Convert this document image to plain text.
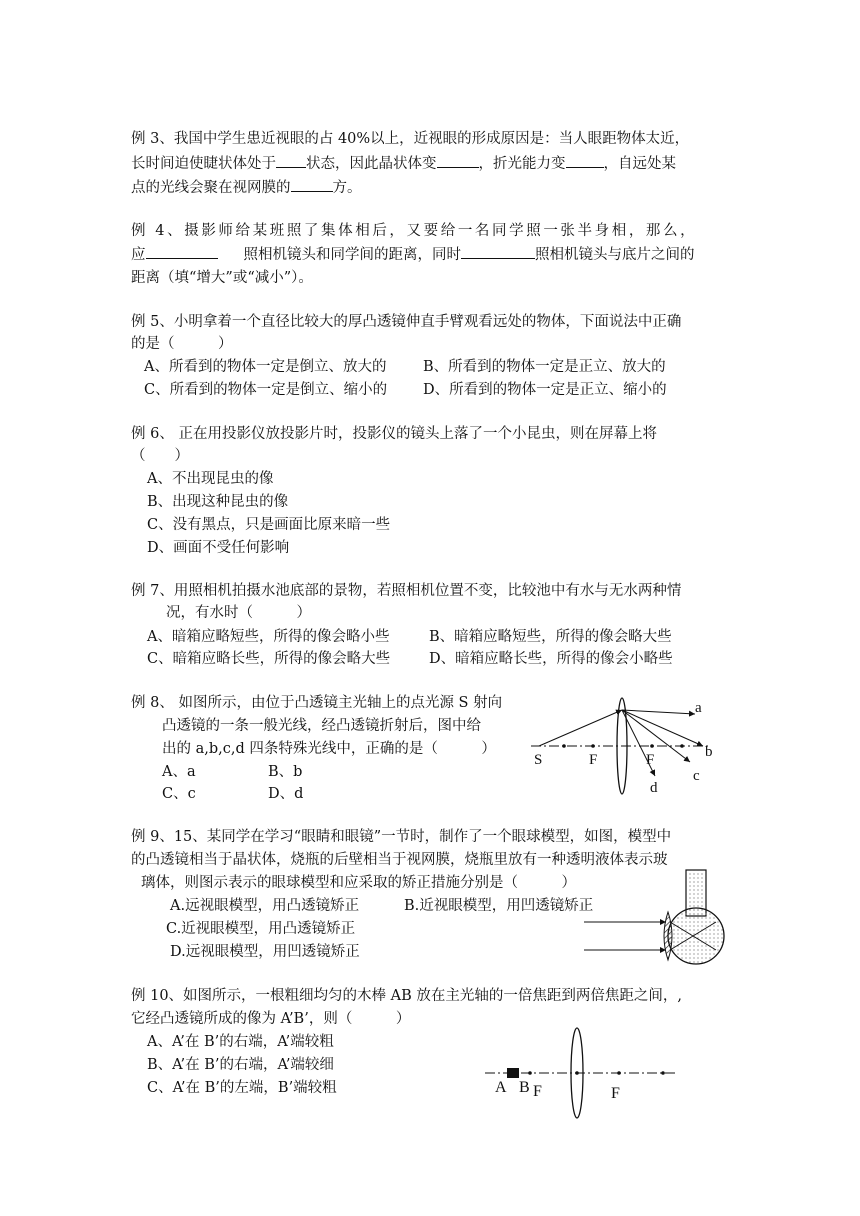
例 3、我国中学生患近视眼的占 40%以上，近视眼的形成原因是：当人眼距物体太近，
长时间迫使睫状体处于 状态，因此晶状体变	，折光能力变	，自远处某
点的光线会聚在视网膜的	方。
例 4、摄影师给某班照了集体相后，又要给一名同学照一张半身相，那么，
应	照相机镜头和同学间的距离，同时	照相机镜头与底片之间的
距离（填“增大”或“减小”）。
例 5、小明拿着一个直径比较大的厚凸透镜伸直手臂观看远处的物体，下面说法中正确
的是（　　　）
A、所看到的物体一定是倒立、放大的	B、所看到的物体一定是正立、放大的
C、所看到的物体一定是倒立、缩小的 D、所看到的物体一定是正立、缩小的
例 6、 正在用投影仪放投影片时，投影仪的镜头上落了一个小昆虫，则在屏幕上将
（　　）
A、不出现昆虫的像
B、出现这种昆虫的像
C、没有黑点，只是画面比原来暗一些
D、画面不受任何影响
例 7、用照相机拍摄水池底部的景物，若照相机位置不变，比较池中有水与无水两种情
况，有水时（　　　）
A、暗箱应略短些，所得的像会略小些	B、暗箱应略短些，所得的像会略大些
C、暗箱应略长些，所得的像会略大些	D、暗箱应略长些，所得的像会小略些
例 8、 如图所示，由位于凸透镜主光轴上的点光源 S 射向
凸透镜的一条一般光线，经凸透镜折射后，图中给
出的 a,b,c,d 四条特殊光线中，正确的是（　　　）
A、a	B、b
C、c	D、d
S	F	F
a
b
c
d
例 9、15、某同学在学习“眼睛和眼镜”一节时，制作了一个眼球模型，如图，模型中
的凸透镜相当于晶状体，烧瓶的后壁相当于视网膜，烧瓶里放有一种透明液体表示玻
璃体，则图示表示的眼球模型和应采取的矫正措施分别是（　　　）
A.远视眼模型，用凸透镜矫正	B.近视眼模型，用凹透镜矫正
C.近视眼模型，用凸透镜矫正
D.远视眼模型，用凹透镜矫正
例 10、如图所示，一根粗细均匀的木棒 AB 放在主光轴的一倍焦距到两倍焦距之间，,
它经凸透镜所成的像为 A’B’，则（　　　）
A、A’在 B’的右端，A’端较粗
B、A’在 B’的右端，A’端较细
C、A’在 B’的左端，B’端较粗	A B F	F
